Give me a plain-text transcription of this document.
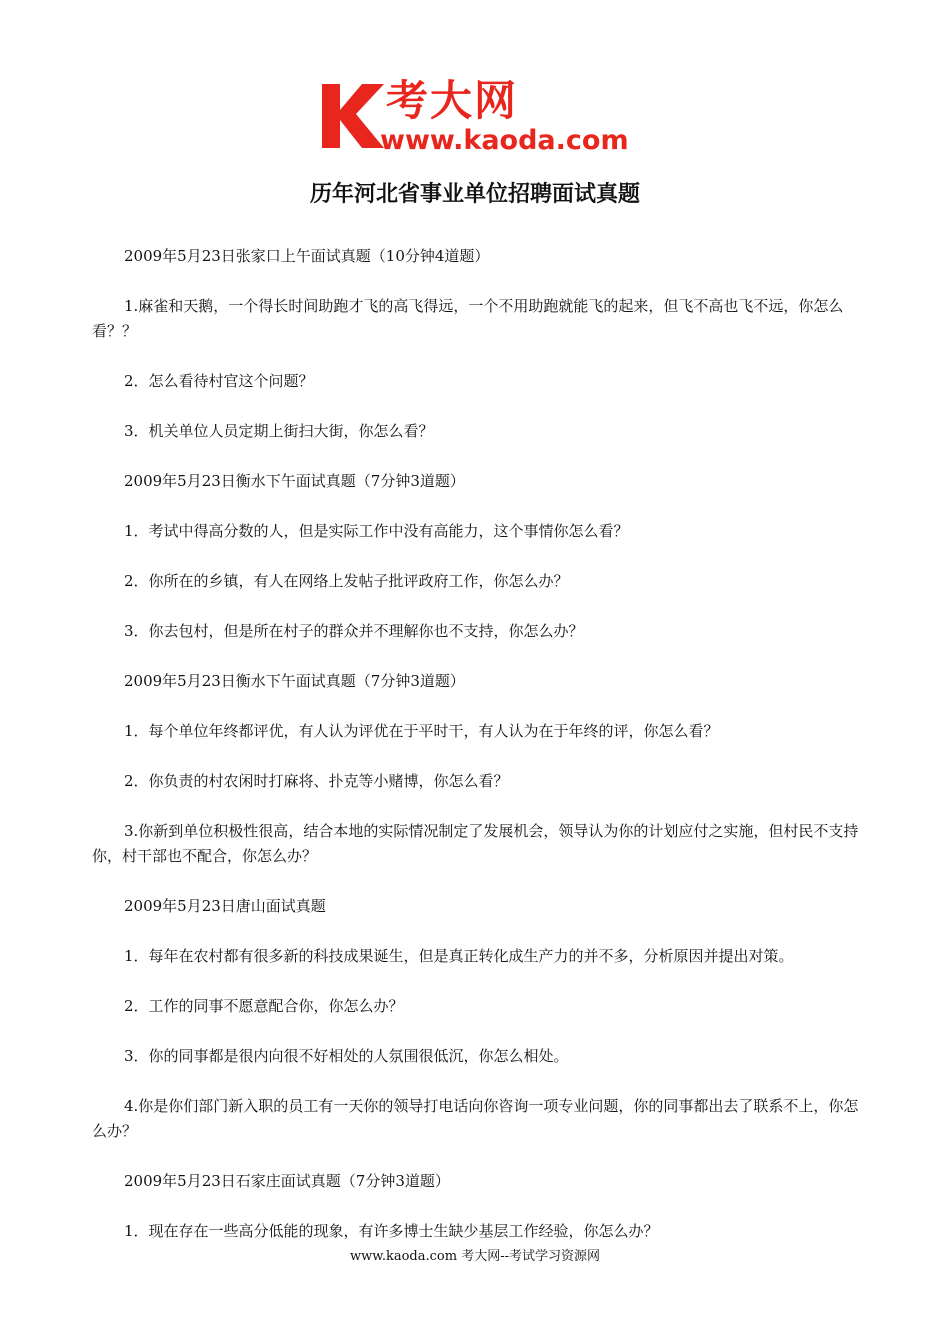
考大网
www.kaoda.com
历年河北省事业单位招聘面试真题

2009年5月23日张家口上午面试真题（10分钟4道题）

1.麻雀和天鹅，一个得长时间助跑才飞的高飞得远，一个不用助跑就能飞的起来，但飞不高也飞不远，你怎么看？？

2．怎么看待村官这个问题？

3．机关单位人员定期上街扫大街，你怎么看？

2009年5月23日衡水下午面试真题（7分钟3道题）

1．考试中得高分数的人，但是实际工作中没有高能力，这个事情你怎么看？

2．你所在的乡镇，有人在网络上发帖子批评政府工作，你怎么办？

3．你去包村，但是所在村子的群众并不理解你也不支持，你怎么办？

2009年5月23日衡水下午面试真题（7分钟3道题）

1．每个单位年终都评优，有人认为评优在于平时干，有人认为在于年终的评，你怎么看？

2．你负责的村农闲时打麻将、扑克等小赌博，你怎么看？

3.你新到单位积极性很高，结合本地的实际情况制定了发展机会，领导认为你的计划应付之实施，但村民不支持你，村干部也不配合，你怎么办？

2009年5月23日唐山面试真题

1．每年在农村都有很多新的科技成果诞生，但是真正转化成生产力的并不多，分析原因并提出对策。

2．工作的同事不愿意配合你，你怎么办？

3．你的同事都是很内向很不好相处的人氛围很低沉，你怎么相处。

4.你是你们部门新入职的员工有一天你的领导打电话向你咨询一项专业问题，你的同事都出去了联系不上，你怎么办？

2009年5月23日石家庄面试真题（7分钟3道题）

1．现在存在一些高分低能的现象，有许多博士生缺少基层工作经验，你怎么办？

www.kaoda.com 考大网--考试学习资源网
